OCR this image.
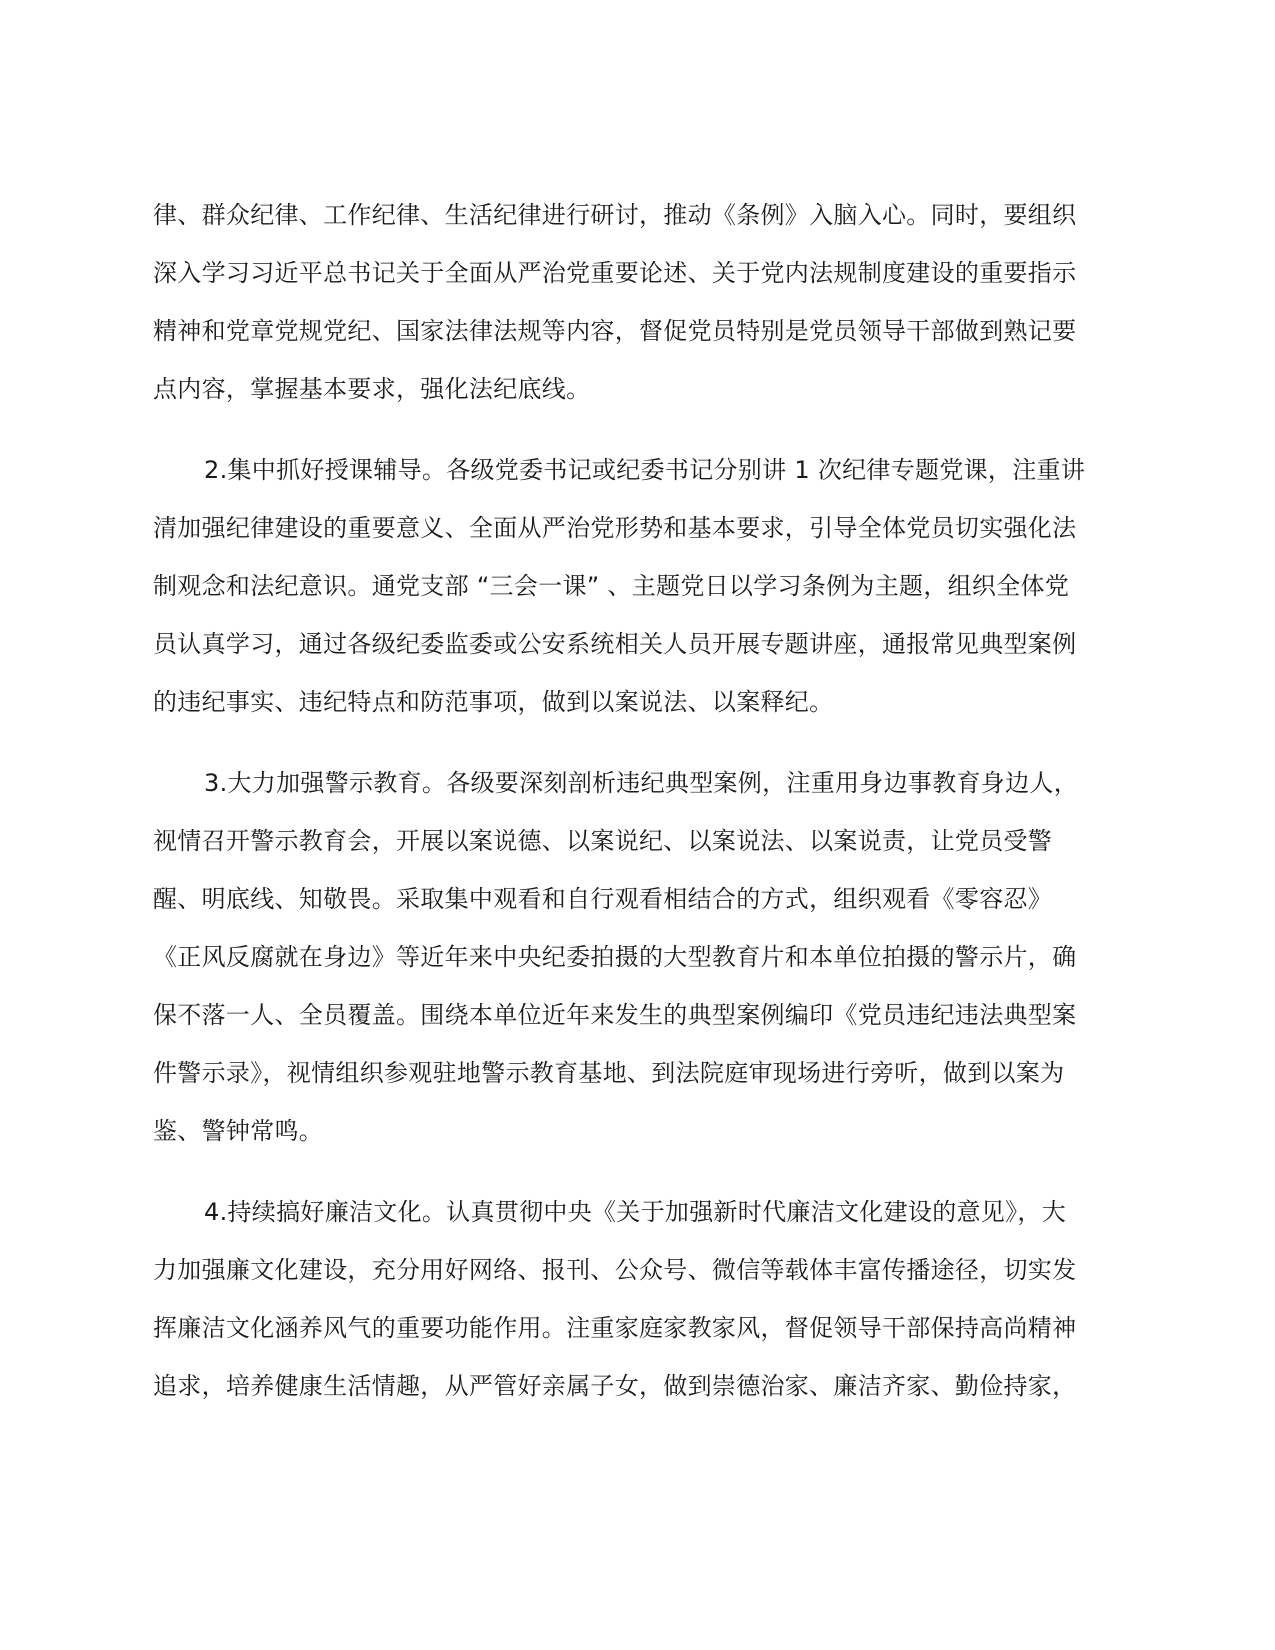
律、群众纪律、工作纪律、生活纪律进行研讨，推动《条例》入脑入心。同时，要组织
深入学习习近平总书记关于全面从严治党重要论述、关于党内法规制度建设的重要指示
精神和党章党规党纪、国家法律法规等内容，督促党员特别是党员领导干部做到熟记要
点内容，掌握基本要求，强化法纪底线。

2.集中抓好授课辅导。各级党委书记或纪委书记分别讲 1 次纪律专题党课，注重讲
清加强纪律建设的重要意义、全面从严治党形势和基本要求，引导全体党员切实强化法
制观念和法纪意识。通党支部 “三会一课” 、主题党日以学习条例为主题，组织全体党
员认真学习，通过各级纪委监委或公安系统相关人员开展专题讲座，通报常见典型案例
的违纪事实、违纪特点和防范事项，做到以案说法、以案释纪。

3.大力加强警示教育。各级要深刻剖析违纪典型案例，注重用身边事教育身边人，
视情召开警示教育会，开展以案说德、以案说纪、以案说法、以案说责，让党员受警
醒、明底线、知敬畏。采取集中观看和自行观看相结合的方式，组织观看《零容忍》
《正风反腐就在身边》等近年来中央纪委拍摄的大型教育片和本单位拍摄的警示片，确
保不落一人、全员覆盖。围绕本单位近年来发生的典型案例编印《党员违纪违法典型案
件警示录》，视情组织参观驻地警示教育基地、到法院庭审现场进行旁听，做到以案为
鉴、警钟常鸣。

4.持续搞好廉洁文化。认真贯彻中央《关于加强新时代廉洁文化建设的意见》，大
力加强廉文化建设，充分用好网络、报刊、公众号、微信等载体丰富传播途径，切实发
挥廉洁文化涵养风气的重要功能作用。注重家庭家教家风，督促领导干部保持高尚精神
追求，培养健康生活情趣，从严管好亲属子女，做到崇德治家、廉洁齐家、勤俭持家，
